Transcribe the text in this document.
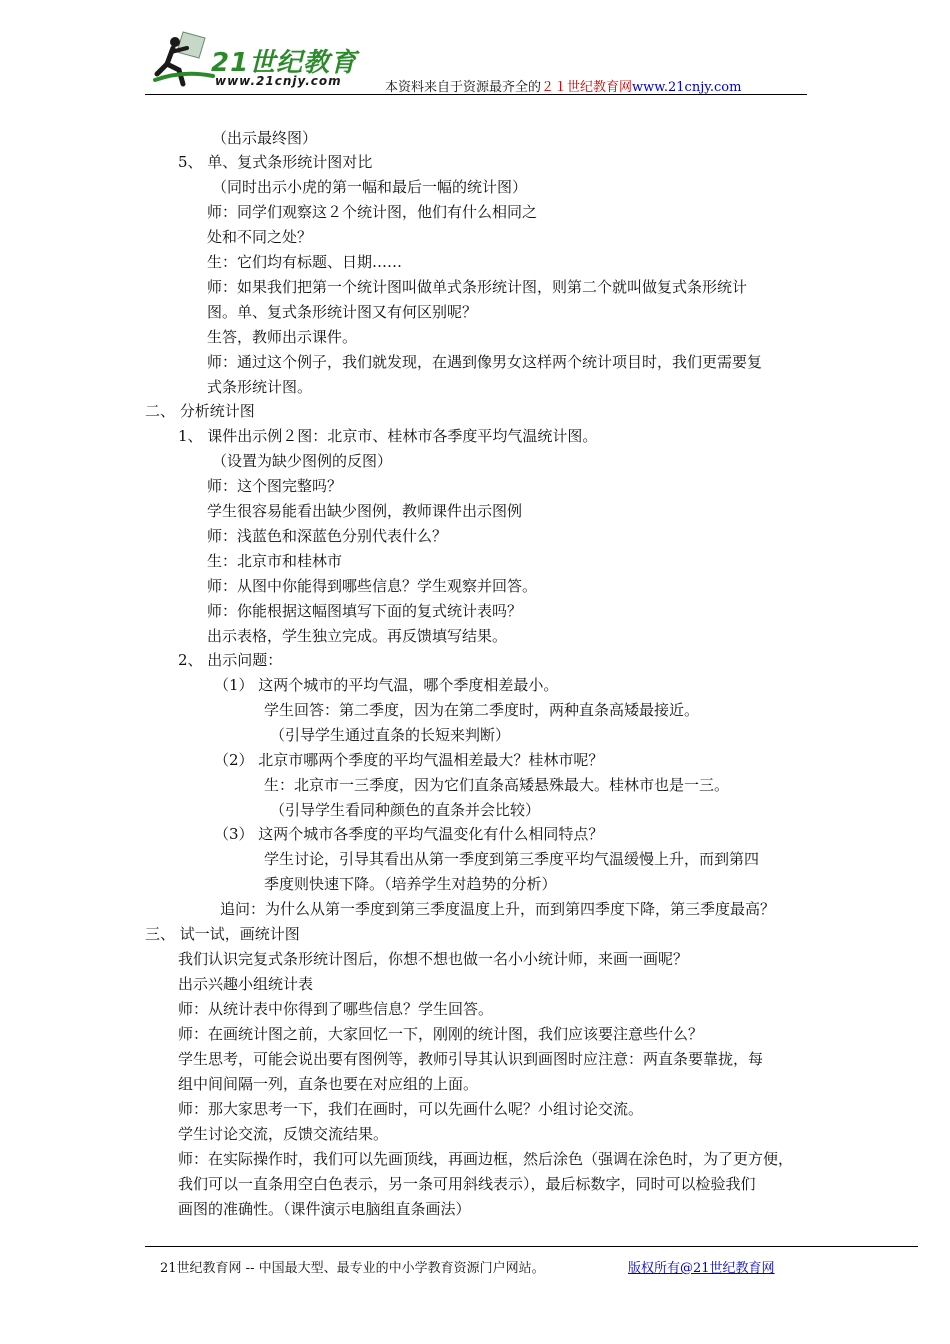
21世纪教育
www.21cnjy.com	本资料来自于资源最齐全的２１世纪教育网www.21cnjy.com
（出示最终图）
5、 单、复式条形统计图对比
（同时出示小虎的第一幅和最后一幅的统计图）
师：同学们观察这２个统计图，他们有什么相同之
处和不同之处？
生：它们均有标题、日期……
师：如果我们把第一个统计图叫做单式条形统计图，则第二个就叫做复式条形统计
图。单、复式条形统计图又有何区别呢？
生答，教师出示课件。
师：通过这个例子，我们就发现，在遇到像男女这样两个统计项目时，我们更需要复
式条形统计图。
二、 分析统计图
1、 课件出示例２图：北京市、桂林市各季度平均气温统计图。
（设置为缺少图例的反图）
师：这个图完整吗？
学生很容易能看出缺少图例，教师课件出示图例
师：浅蓝色和深蓝色分别代表什么？
生：北京市和桂林市
师：从图中你能得到哪些信息？学生观察并回答。
师：你能根据这幅图填写下面的复式统计表吗？
出示表格，学生独立完成。再反馈填写结果。
2、 出示问题：
（1） 这两个城市的平均气温，哪个季度相差最小。
学生回答：第二季度，因为在第二季度时，两种直条高矮最接近。
（引导学生通过直条的长短来判断）
（2） 北京市哪两个季度的平均气温相差最大？桂林市呢？
生：北京市一三季度，因为它们直条高矮悬殊最大。桂林市也是一三。
（引导学生看同种颜色的直条并会比较）
（3） 这两个城市各季度的平均气温变化有什么相同特点？
学生讨论，引导其看出从第一季度到第三季度平均气温缓慢上升，而到第四
季度则快速下降。（培养学生对趋势的分析）
追问：为什么从第一季度到第三季度温度上升，而到第四季度下降，第三季度最高？
三、 试一试，画统计图
我们认识完复式条形统计图后，你想不想也做一名小小统计师，来画一画呢？
出示兴趣小组统计表
师：从统计表中你得到了哪些信息？学生回答。
师：在画统计图之前，大家回忆一下，刚刚的统计图，我们应该要注意些什么？
学生思考，可能会说出要有图例等，教师引导其认识到画图时应注意：两直条要靠拢，每
组中间间隔一列，直条也要在对应组的上面。
师：那大家思考一下，我们在画时，可以先画什么呢？小组讨论交流。
学生讨论交流，反馈交流结果。
师：在实际操作时，我们可以先画顶线，再画边框，然后涂色（强调在涂色时，为了更方便，
我们可以一直条用空白色表示，另一条可用斜线表示），最后标数字，同时可以检验我们
画图的准确性。（课件演示电脑组直条画法）
21世纪教育网 -- 中国最大型、最专业的中小学教育资源门户网站。	版权所有@21世纪教育网
